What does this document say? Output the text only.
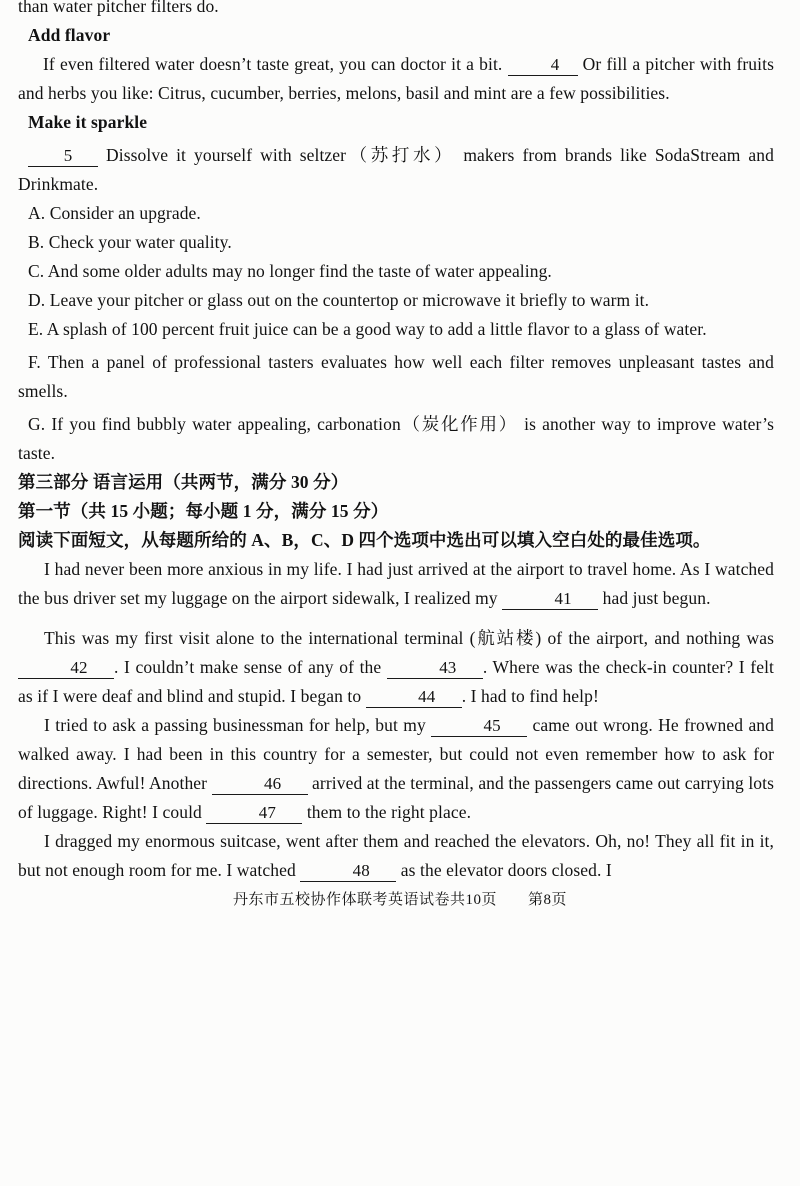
than water pitcher filters do.

Add flavor

If even filtered water doesn’t taste great, you can doctor it a bit.	4 Or fill a pitcher with fruits and herbs you like: Citrus, cucumber, berries, melons, basil and mint are a few possibilities.

Make it sparkle

5 Dissolve it yourself with seltzer（苏打水） makers from brands like SodaStream and Drinkmate.

A. Consider an upgrade.

B. Check your water quality.

C. And some older adults may no longer find the taste of water appealing.

D. Leave your pitcher or glass out on the countertop or microwave it briefly to warm it.

E. A splash of 100 percent fruit juice can be a good way to add a little flavor to a glass of water.

F. Then a panel of professional tasters evaluates how well each filter removes unpleasant tastes and smells.

G. If you find bubbly water appealing, carbonation（炭化作用） is another way to improve water’s taste.

第三部分 语言运用（共两节，满分 30 分）

第一节（共 15 小题；每小题 1 分，满分 15 分）

阅读下面短文，从每题所给的 A、B，C、D 四个选项中选出可以填入空白处的最佳选项。

I had never been more anxious in my life. I had just arrived at the airport to travel home. As I watched the bus driver set my luggage on the airport sidewalk, I realized my	41 had just begun.

This was my first visit alone to the international terminal (航站楼) of the airport, and nothing was 42 . I couldn’t make sense of any of the	43 . Where was the check-in counter? I felt as if I were deaf and blind and stupid. I began to	44 . I had to find help!

I tried to ask a passing businessman for help, but my	45 came out wrong. He frowned and walked away. I had been in this country for a semester, but could not even remember how to ask for directions. Awful! Another	46 arrived at the terminal, and the passengers came out carrying lots of luggage. Right! I could	47 them to the right place.

I dragged my enormous suitcase, went after them and reached the elevators. Oh, no! They all fit in it, but not enough room for me. I watched	48 as the elevator doors closed. I

丹东市五校协作体联考英语试卷共10页　　第8页
